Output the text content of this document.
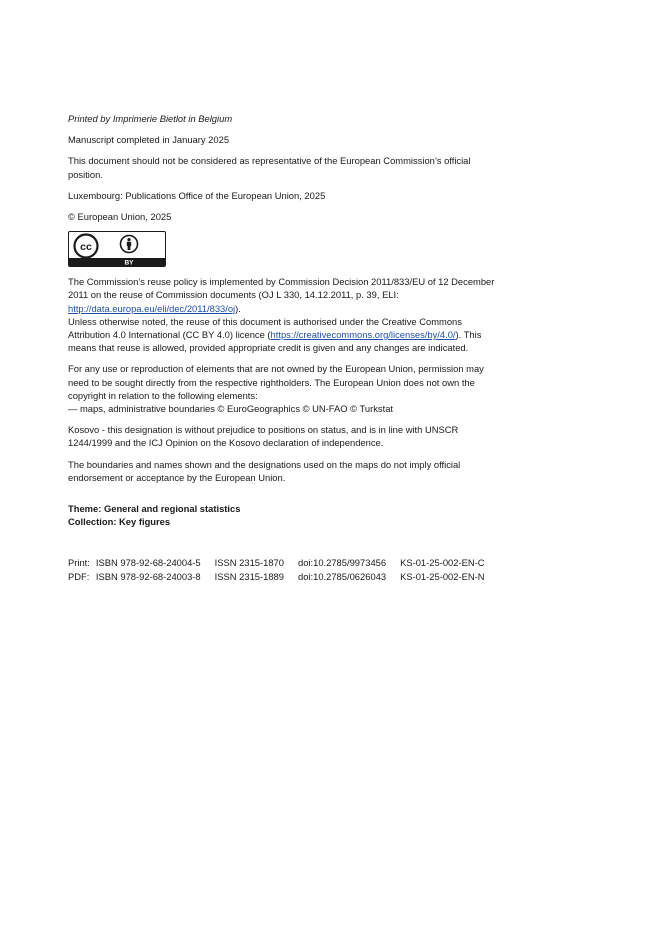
Printed by Imprimerie Bietlot in Belgium

Manuscript completed in January 2025

This document should not be considered as representative of the European Commission’s official position.

Luxembourg: Publications Office of the European Union, 2025

© European Union, 2025

cc
BY

The Commission’s reuse policy is implemented by Commission Decision 2011/833/EU of 12 December 2011 on the reuse of Commission documents (OJ L 330, 14.12.2011, p. 39, ELI: http://data.europa.eu/eli/dec/2011/833/oj).
Unless otherwise noted, the reuse of this document is authorised under the Creative Commons Attribution 4.0 International (CC BY 4.0) licence (https://creativecommons.org/licenses/by/4.0/). This means that reuse is allowed, provided appropriate credit is given and any changes are indicated.

For any use or reproduction of elements that are not owned by the European Union, permission may need to be sought directly from the respective rightholders. The European Union does not own the copyright in relation to the following elements:
— maps, administrative boundaries © EuroGeographics © UN-FAO © Turkstat

Kosovo - this designation is without prejudice to positions on status, and is in line with UNSCR 1244/1999 and the ICJ Opinion on the Kosovo declaration of independence.

The boundaries and names shown and the designations used on the maps do not imply official endorsement or acceptance by the European Union.

Theme: General and regional statistics

Collection: Key figures

Print:	ISBN 978-92-68-24004-5	ISSN 2315-1870	doi:10.2785/9973456	KS-01-25-002-EN-C
PDF:	ISBN 978-92-68-24003-8	ISSN 2315-1889	doi:10.2785/0626043	KS-01-25-002-EN-N
